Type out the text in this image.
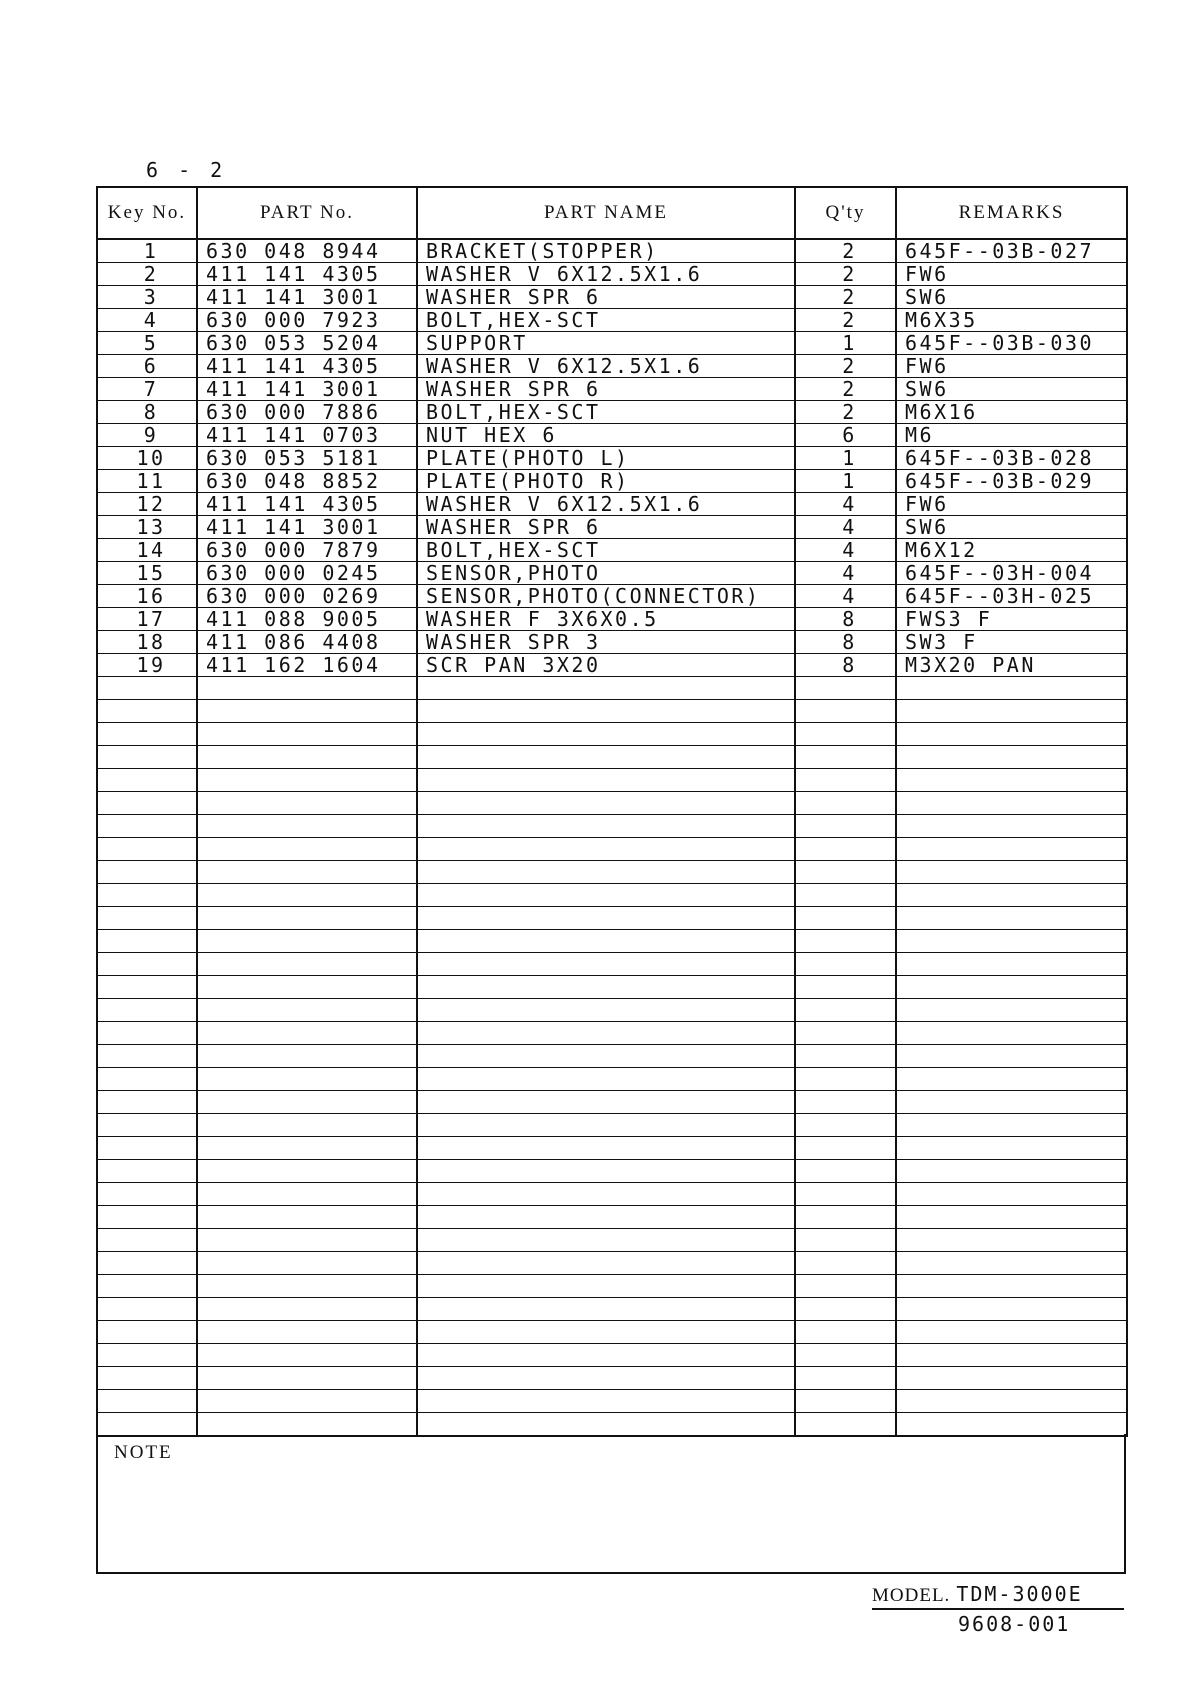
6 - 2
Key No.	PART No.	PART NAME	Q'ty	REMARKS
1	630 048 8944	BRACKET(STOPPER)	2	645F--03B-027
2	411 141 4305	WASHER V 6X12.5X1.6	2	FW6
3	411 141 3001	WASHER SPR 6	2	SW6
4	630 000 7923	BOLT,HEX-SCT	2	M6X35
5	630 053 5204	SUPPORT	1	645F--03B-030
6	411 141 4305	WASHER V 6X12.5X1.6	2	FW6
7	411 141 3001	WASHER SPR 6	2	SW6
8	630 000 7886	BOLT,HEX-SCT	2	M6X16
9	411 141 0703	NUT HEX 6	6	M6
10	630 053 5181	PLATE(PHOTO L)	1	645F--03B-028
11	630 048 8852	PLATE(PHOTO R)	1	645F--03B-029
12	411 141 4305	WASHER V 6X12.5X1.6	4	FW6
13	411 141 3001	WASHER SPR 6	4	SW6
14	630 000 7879	BOLT,HEX-SCT	4	M6X12
15	630 000 0245	SENSOR,PHOTO	4	645F--03H-004
16	630 000 0269	SENSOR,PHOTO(CONNECTOR)	4	645F--03H-025
17	411 088 9005	WASHER F 3X6X0.5	8	FWS3 F
18	411 086 4408	WASHER SPR 3	8	SW3 F
19	411 162 1604	SCR PAN 3X20	8	M3X20 PAN

NOTE
MODEL. TDM-3000E
9608-001
